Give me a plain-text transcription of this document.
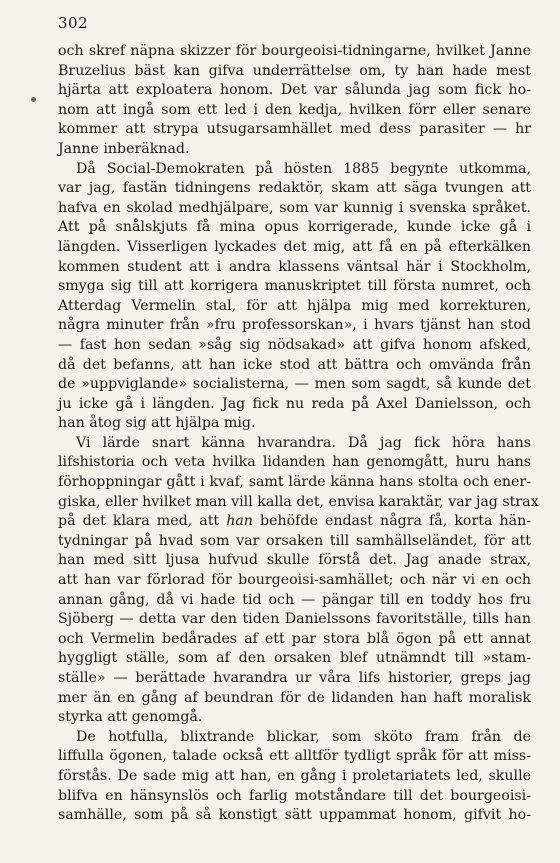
302
och skref näpna skizzer för bourgeoisi-tidningarne, hvilket Janne
Bruzelius bäst kan gifva underrättelse om, ty han hade mest
hjärta att exploatera honom. Det var sålunda jag som fick ho-
nom att ingå som ett led i den kedja, hvilken förr eller senare
kommer att strypa utsugarsamhället med dess parasiter — hr
Janne inberäknad.
Då Social-Demokraten på hösten 1885 begynte utkomma,
var jag, fastän tidningens redaktör, skam att säga tvungen att
hafva en skolad medhjälpare, som var kunnig i svenska språket.
Att på snålskjuts få mina opus korrigerade, kunde icke gå i
längden. Visserligen lyckades det mig, att få en på efterkälken
kommen student att i andra klassens väntsal här i Stockholm,
smyga sig till att korrigera manuskriptet till första numret, och
Atterdag Vermelin stal, för att hjälpa mig med korrekturen,
några minuter från »fru professorskan», i hvars tjänst han stod
— fast hon sedan »såg sig nödsakad» att gifva honom afsked,
då det befanns, att han icke stod att bättra och omvända från
de »uppviglande» socialisterna, — men som sagdt, så kunde det
ju icke gå i längden. Jag fick nu reda på Axel Danielsson, och
han åtog sig att hjälpa mig.
Vi lärde snart känna hvarandra. Då jag fick höra hans
lifshistoria och veta hvilka lidanden han genomgått, huru hans
förhoppningar gått i kvaf, samt lärde känna hans stolta och ener-
giska, eller hvilket man vill kalla det, envisa karaktär, var jag strax
på det klara med, att han behöfde endast några få, korta hän-
tydningar på hvad som var orsaken till samhällseländet, för att
han med sitt ljusa hufvud skulle förstå det. Jag anade strax,
att han var förlorad för bourgeoisi-samhället; och när vi en och
annan gång, då vi hade tid och — pängar till en toddy hos fru
Sjöberg — detta var den tiden Danielssons favoritställe, tills han
och Vermelin bedårades af ett par stora blå ögon på ett annat
hyggligt ställe, som af den orsaken blef utnämndt till »stam-
ställe» — berättade hvarandra ur våra lifs historier, greps jag
mer än en gång af beundran för de lidanden han haft moralisk
styrka att genomgå.
De hotfulla, blixtrande blickar, som sköto fram från de
liffulla ögonen, talade också ett alltför tydligt språk för att miss-
förstås. De sade mig att han, en gång i proletariatets led, skulle
blifva en hänsynslös och farlig motståndare till det bourgeoisi-
samhälle, som på så konstigt sätt uppammat honom, gifvit ho-
